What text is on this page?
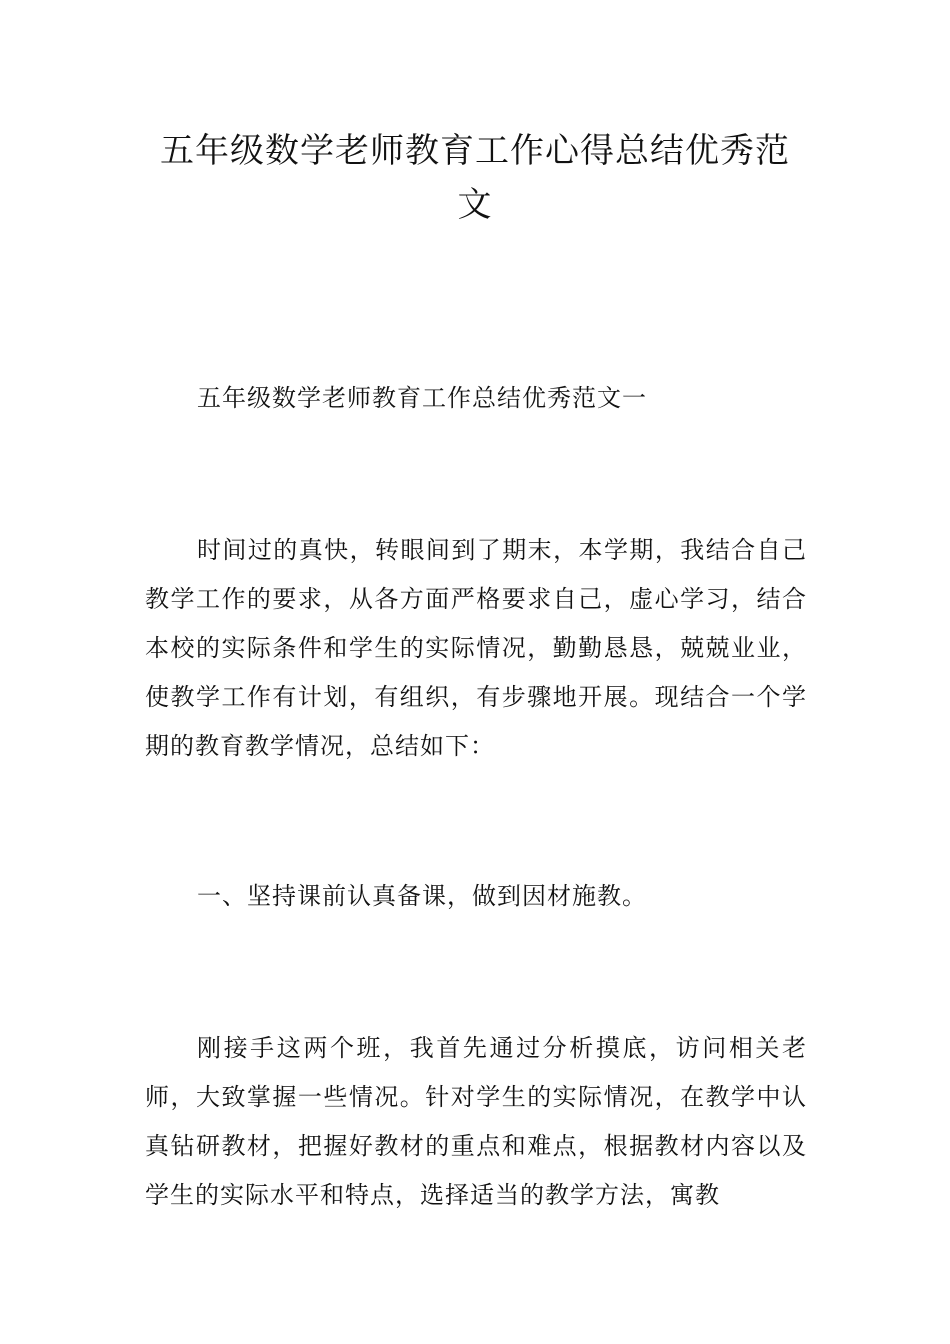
五年级数学老师教育工作心得总结优秀范文

五年级数学老师教育工作总结优秀范文一

时间过的真快，转眼间到了期末，本学期，我结合自己教学工作的要求，从各方面严格要求自己，虚心学习，结合本校的实际条件和学生的实际情况，勤勤恳恳，兢兢业业，使教学工作有计划，有组织，有步骤地开展。现结合一个学期的教育教学情况，总结如下：

一、坚持课前认真备课，做到因材施教。

刚接手这两个班，我首先通过分析摸底，访问相关老师，大致掌握一些情况。针对学生的实际情况，在教学中认真钻研教材，把握好教材的重点和难点，根据教材内容以及学生的实际水平和特点，选择适当的教学方法，寓教
